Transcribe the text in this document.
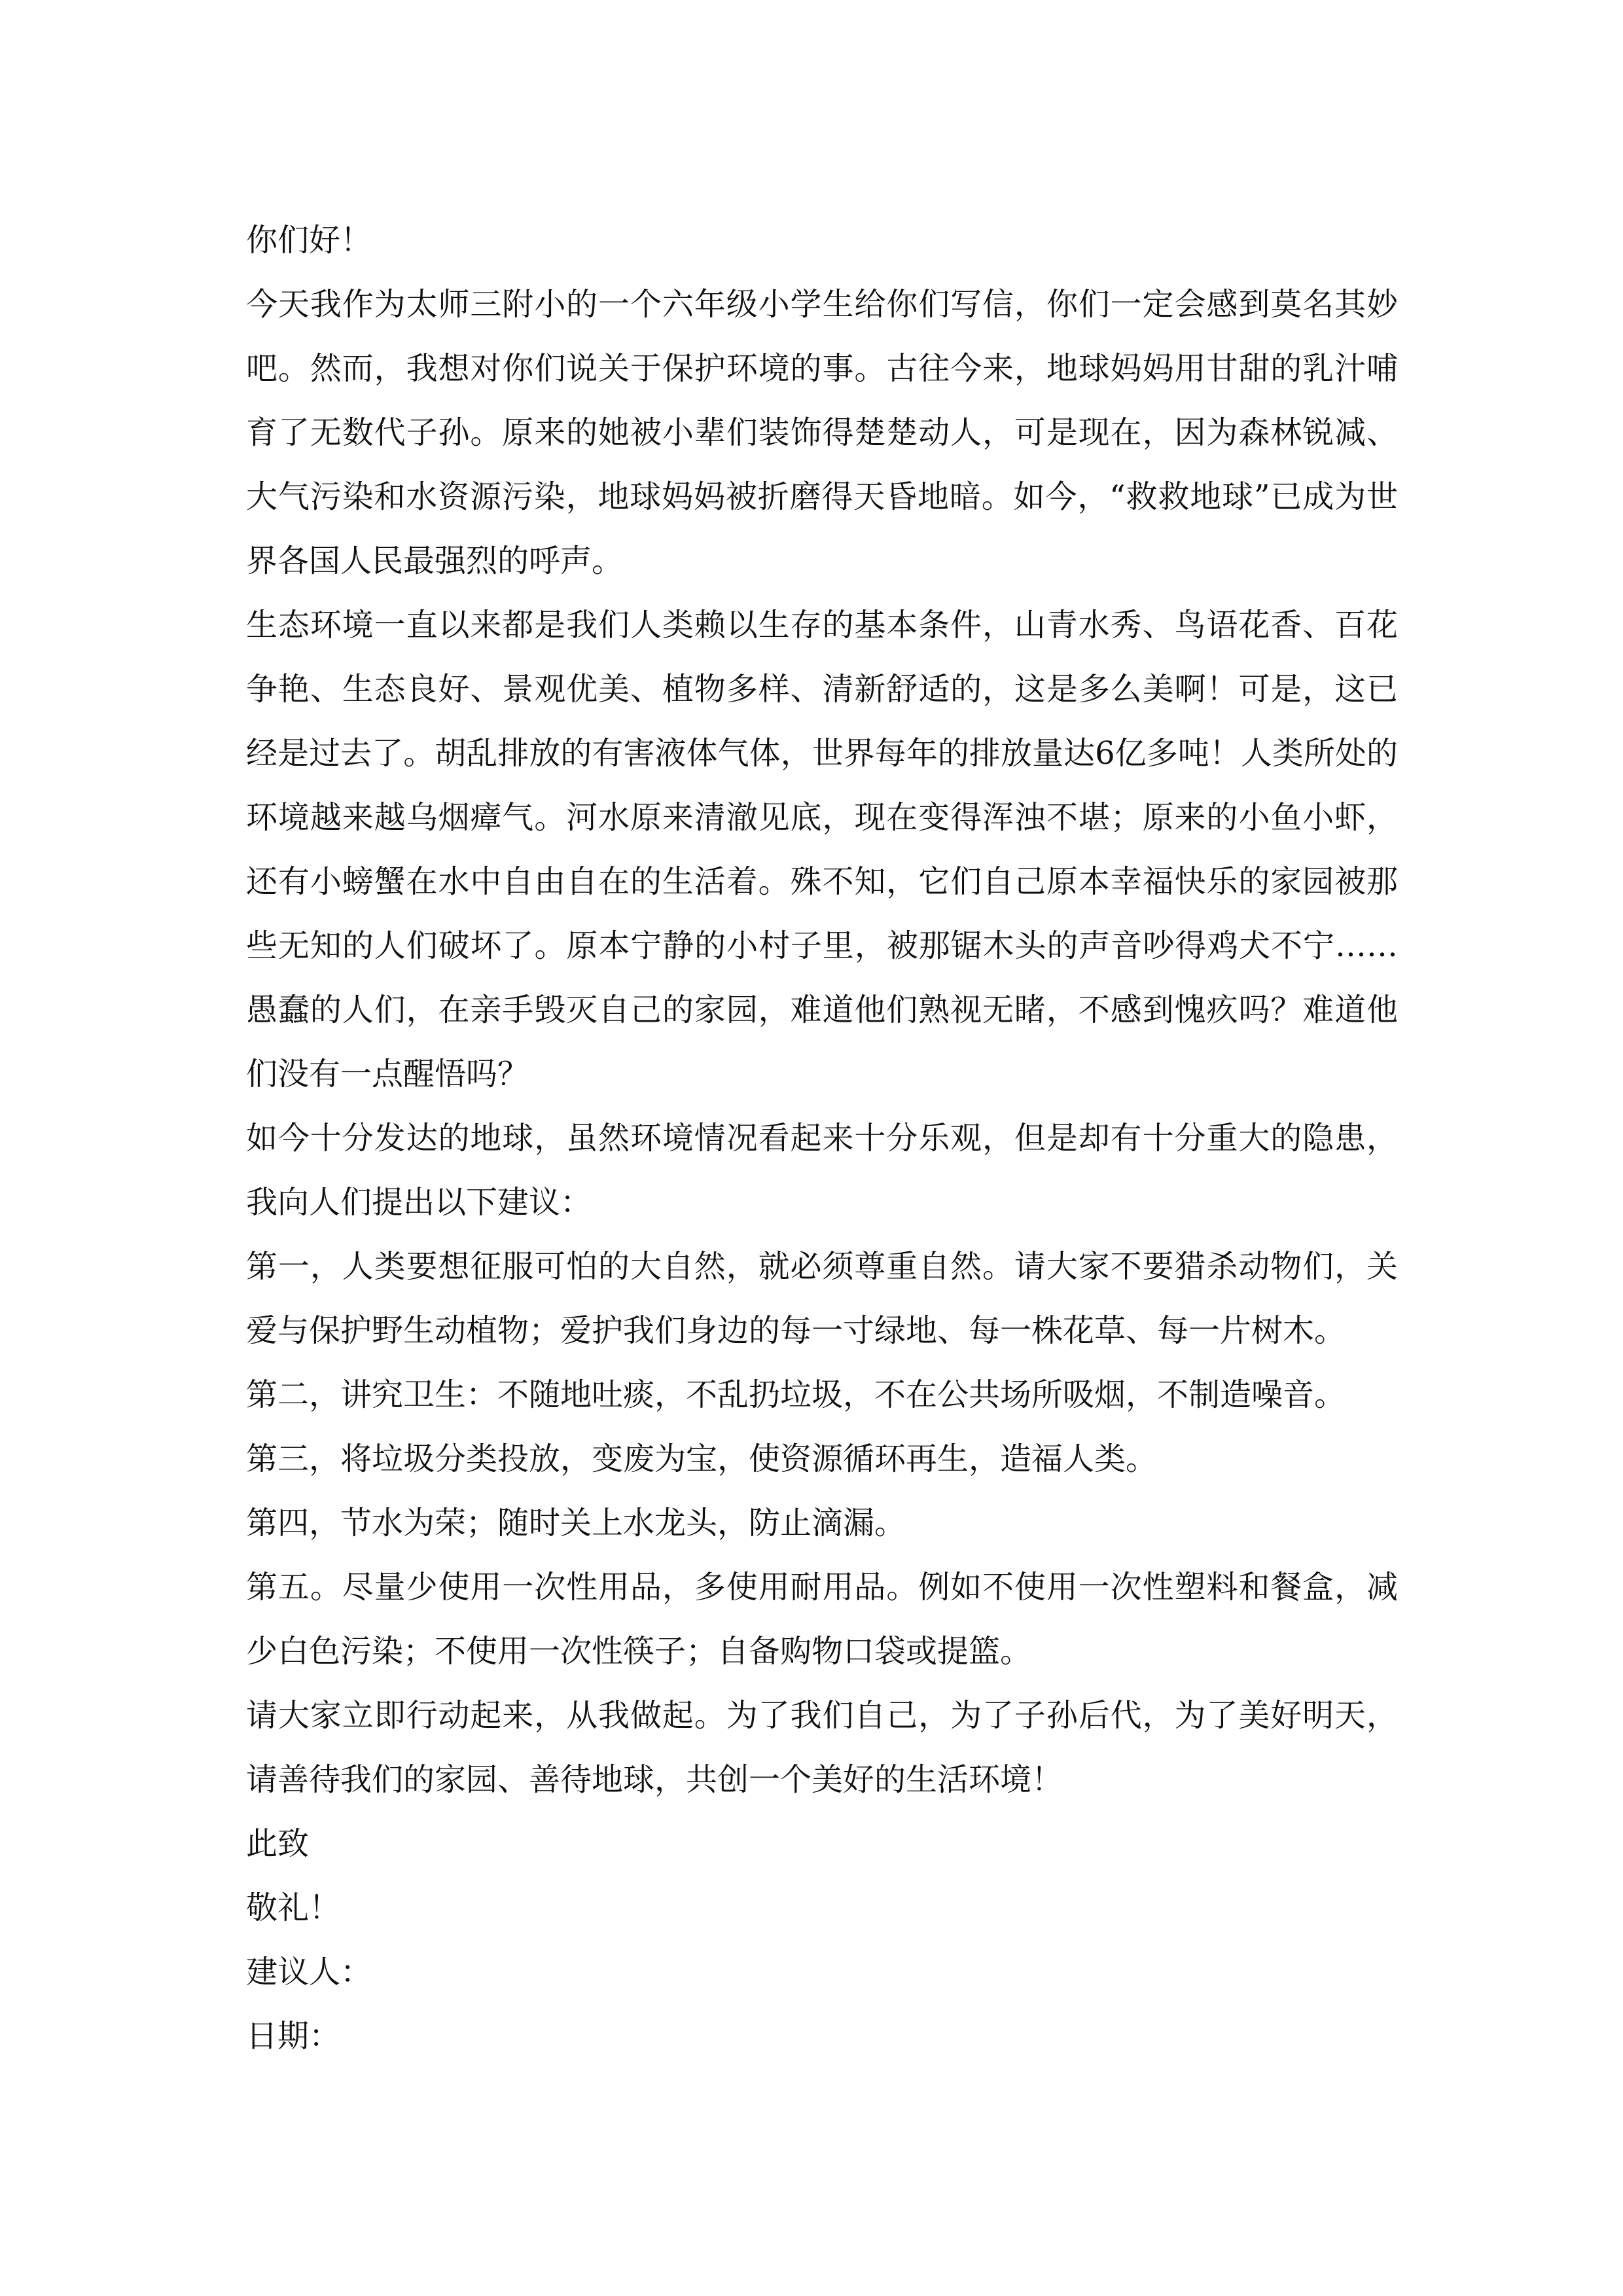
你们好！

今天我作为太师三附小的一个六年级小学生给你们写信，你们一定会感到莫名其妙吧。然而，我想对你们说关于保护环境的事。古往今来，地球妈妈用甘甜的乳汁哺育了无数代子孙。原来的她被小辈们装饰得楚楚动人，可是现在，因为森林锐减、大气污染和水资源污染，地球妈妈被折磨得天昏地暗。如今，“救救地球”已成为世界各国人民最强烈的呼声。

生态环境一直以来都是我们人类赖以生存的基本条件，山青水秀、鸟语花香、百花争艳、生态良好、景观优美、植物多样、清新舒适的，这是多么美啊！可是，这已经是过去了。胡乱排放的有害液体气体，世界每年的排放量达6亿多吨！人类所处的环境越来越乌烟瘴气。河水原来清澈见底，现在变得浑浊不堪；原来的小鱼小虾，还有小螃蟹在水中自由自在的生活着。殊不知，它们自己原本幸福快乐的家园被那些无知的人们破坏了。原本宁静的小村子里，被那锯木头的声音吵得鸡犬不宁……愚蠢的人们，在亲手毁灭自己的家园，难道他们熟视无睹，不感到愧疚吗？难道他们没有一点醒悟吗？

如今十分发达的地球，虽然环境情况看起来十分乐观，但是却有十分重大的隐患，我向人们提出以下建议：

第一，人类要想征服可怕的大自然，就必须尊重自然。请大家不要猎杀动物们，关爱与保护野生动植物；爱护我们身边的每一寸绿地、每一株花草、每一片树木。

第二，讲究卫生：不随地吐痰，不乱扔垃圾，不在公共场所吸烟，不制造噪音。

第三，将垃圾分类投放，变废为宝，使资源循环再生，造福人类。

第四，节水为荣；随时关上水龙头，防止滴漏。

第五。尽量少使用一次性用品，多使用耐用品。例如不使用一次性塑料和餐盒，减少白色污染；不使用一次性筷子；自备购物口袋或提篮。

请大家立即行动起来，从我做起。为了我们自己，为了子孙后代，为了美好明天，请善待我们的家园、善待地球，共创一个美好的生活环境！

此致

敬礼！

建议人：

日期：
